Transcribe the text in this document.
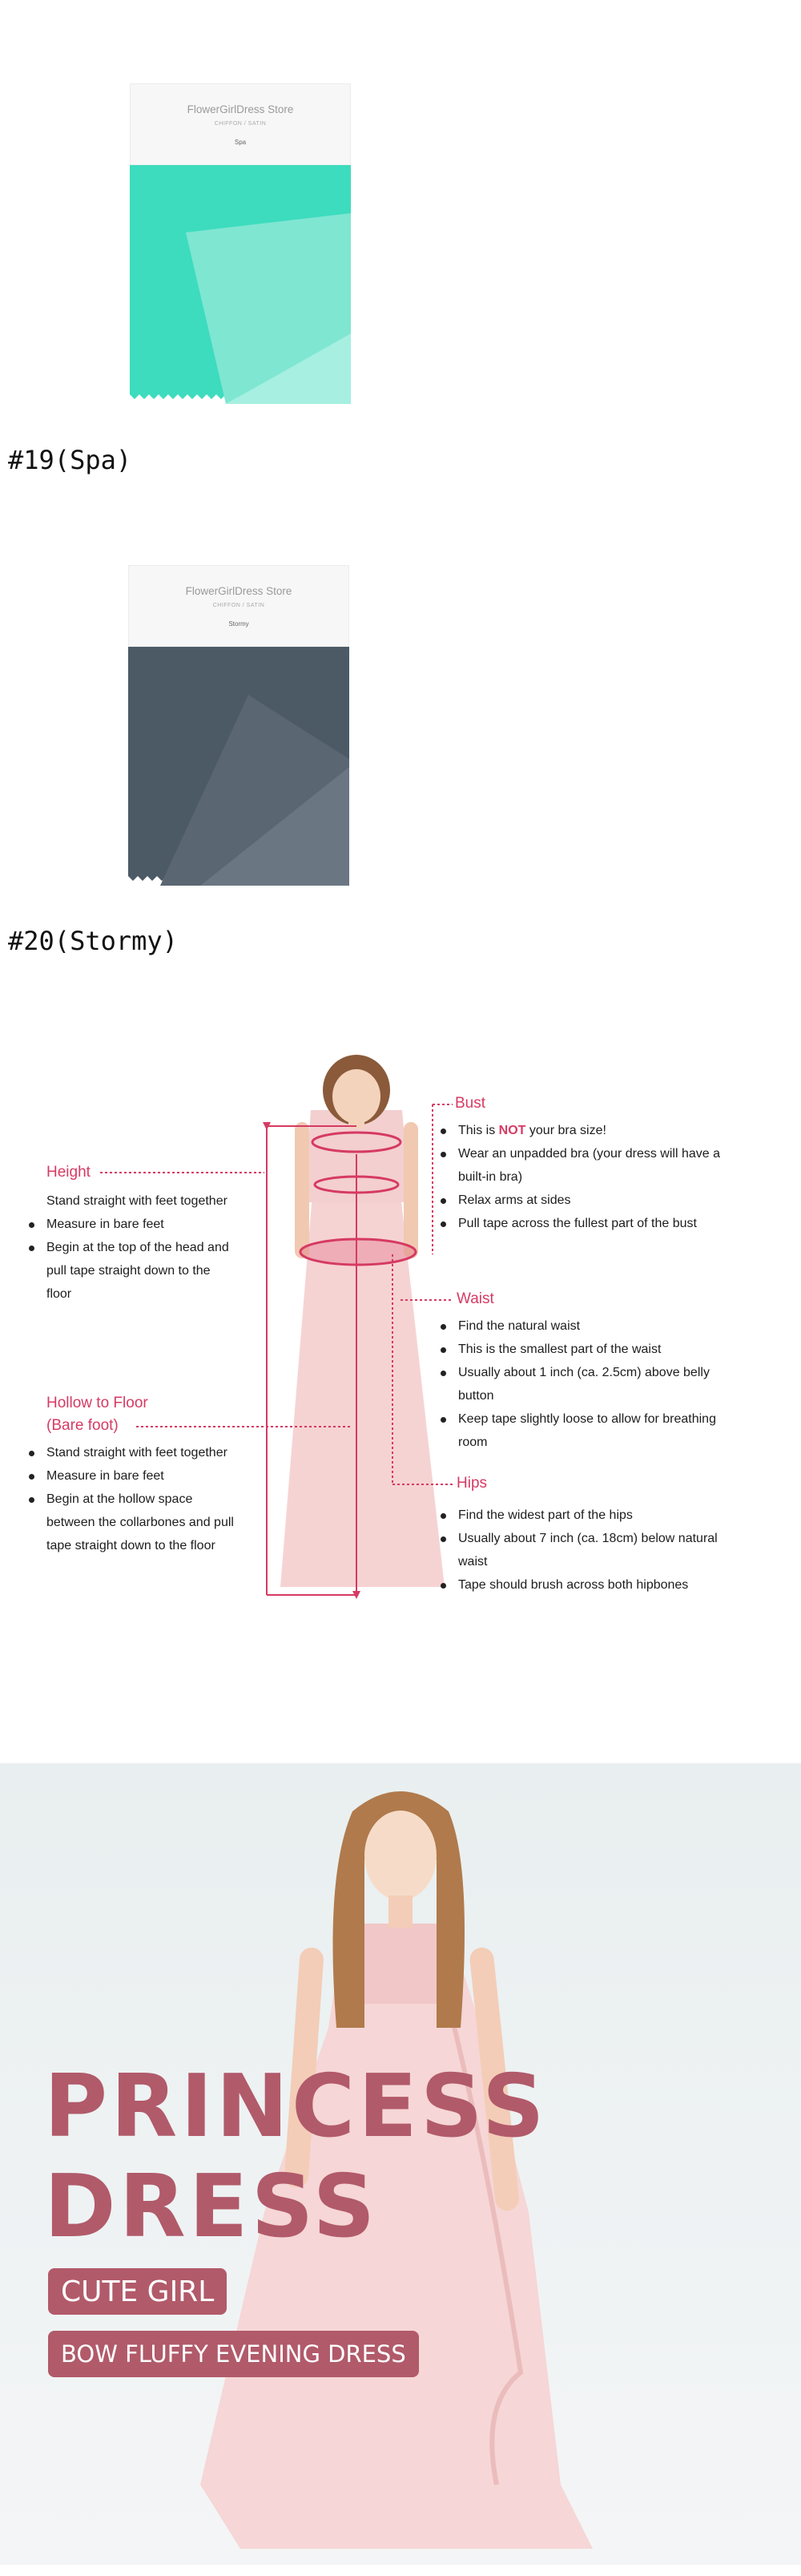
FlowerGirlDress Store
CHIFFON / SATIN
Spa
#19(Spa)
FlowerGirlDress Store
CHIFFON / SATIN
Stormy
#20(Stormy)
Height
Stand straight with feet together
Measure in bare feet
Begin at the top of the head and
pull tape straight down to the
floor
Hollow to Floor
(Bare foot)
Stand straight with feet together
Measure in bare feet
Begin at the hollow space
between the collarbones and pull
tape straight down to the floor
Bust
This is NOT your bra size!
Wear an unpadded bra (your dress will have a
built-in bra)
Relax arms at sides
Pull tape across the fullest part of the bust
Waist
Find the natural waist
This is the smallest part of the waist
Usually about 1 inch (ca. 2.5cm) above belly
button
Keep tape slightly loose to allow for breathing
room
Hips
Find the widest part of the hips
Usually about 7 inch (ca. 18cm) below natural
waist
Tape should brush across both hipbones
PRINCESS
DRESS
CUTE GIRL
BOW FLUFFY EVENING DRESS
